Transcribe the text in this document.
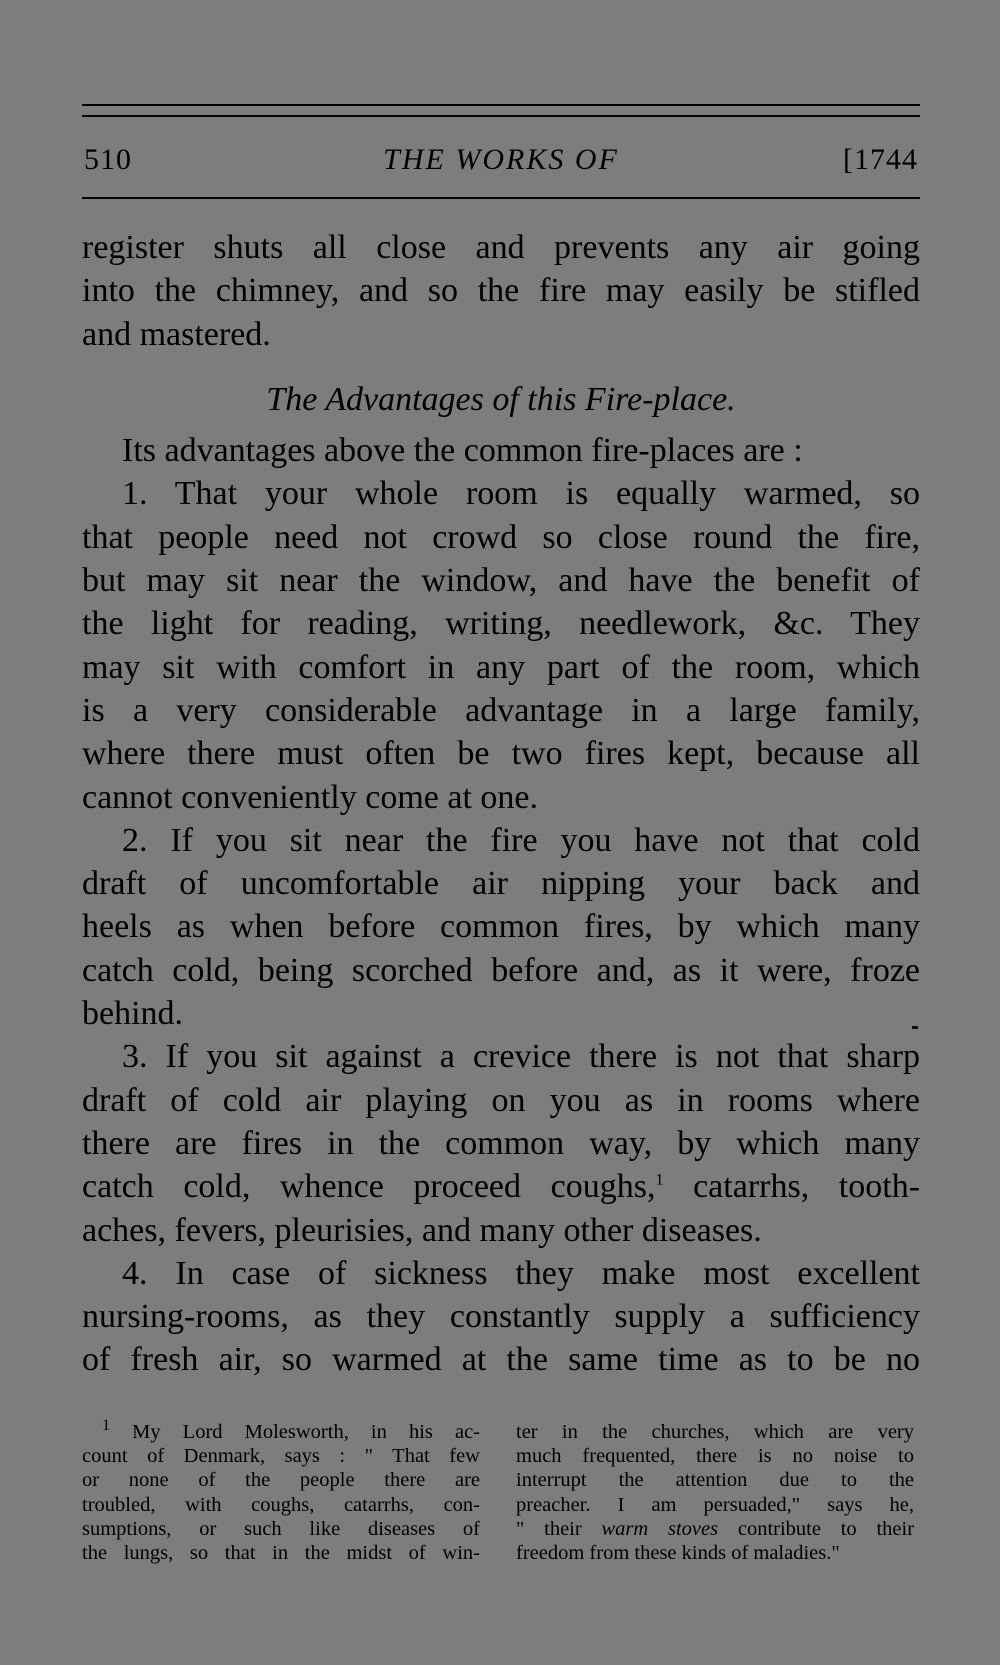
510	THE WORKS OF	[1744

register shuts all close and prevents any air going

into the chimney, and so the fire may easily be stifled

and mastered.

The Advantages of this Fire-place.

Its advantages above the common fire-places are :

1. That your whole room is equally warmed, so

that people need not crowd so close round the fire,

but may sit near the window, and have the benefit of

the light for reading, writing, needlework, &c. They

may sit with comfort in any part of the room, which

is a very considerable advantage in a large family,

where there must often be two fires kept, because all

cannot conveniently come at one.

2. If you sit near the fire you have not that cold

draft of uncomfortable air nipping your back and

heels as when before common fires, by which many

catch cold, being scorched before and, as it were, froze

behind.

3. If you sit against a crevice there is not that sharp

draft of cold air playing on you as in rooms where

there are fires in the common way, by which many

catch cold, whence proceed coughs,$^1$ catarrhs, tooth-

aches, fevers, pleurisies, and many other diseases.

4. In case of sickness they make most excellent

nursing-rooms, as they constantly supply a sufficiency

of fresh air, so warmed at the same time as to be no

$^1$ My Lord Molesworth, in his ac-

count of Denmark, says : " That few

or none of the people there are

troubled, with coughs, catarrhs, con-

sumptions, or such like diseases of

the lungs, so that in the midst of win-

ter in the churches, which are very

much frequented, there is no noise to

interrupt the attention due to the

preacher. I am persuaded," says he,

" their warm stoves contribute to their

freedom from these kinds of maladies."
